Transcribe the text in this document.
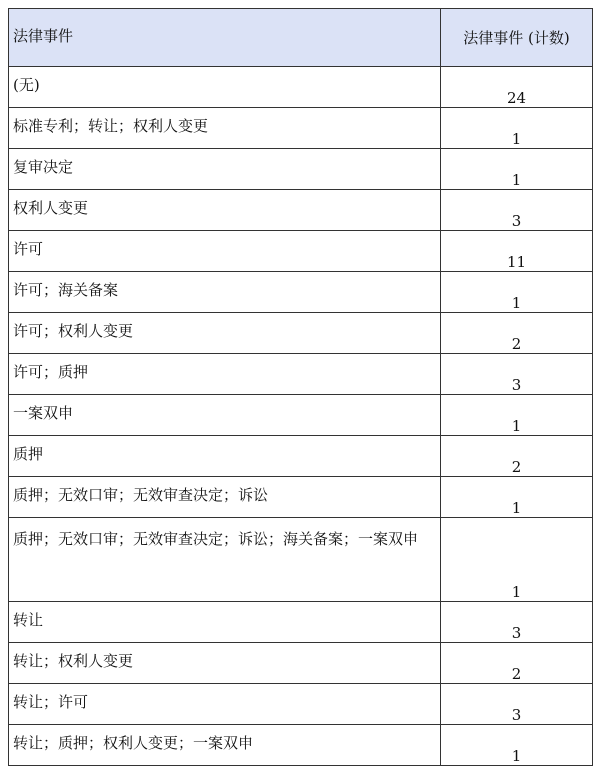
法律事件	法律事件 (计数)
(无)
24
标准专利；转让；权利人变更
1
复审决定
1
权利人变更
3
许可
11
许可；海关备案
1
许可；权利人变更
2
许可；质押
3
一案双申
1
质押
2
质押；无效口审；无效审查决定；诉讼
1
质押；无效口审；无效审查决定；诉讼；海关备案；一案双申
1
转让
3
转让；权利人变更
2
转让；许可
3
转让；质押；权利人变更；一案双申
1
